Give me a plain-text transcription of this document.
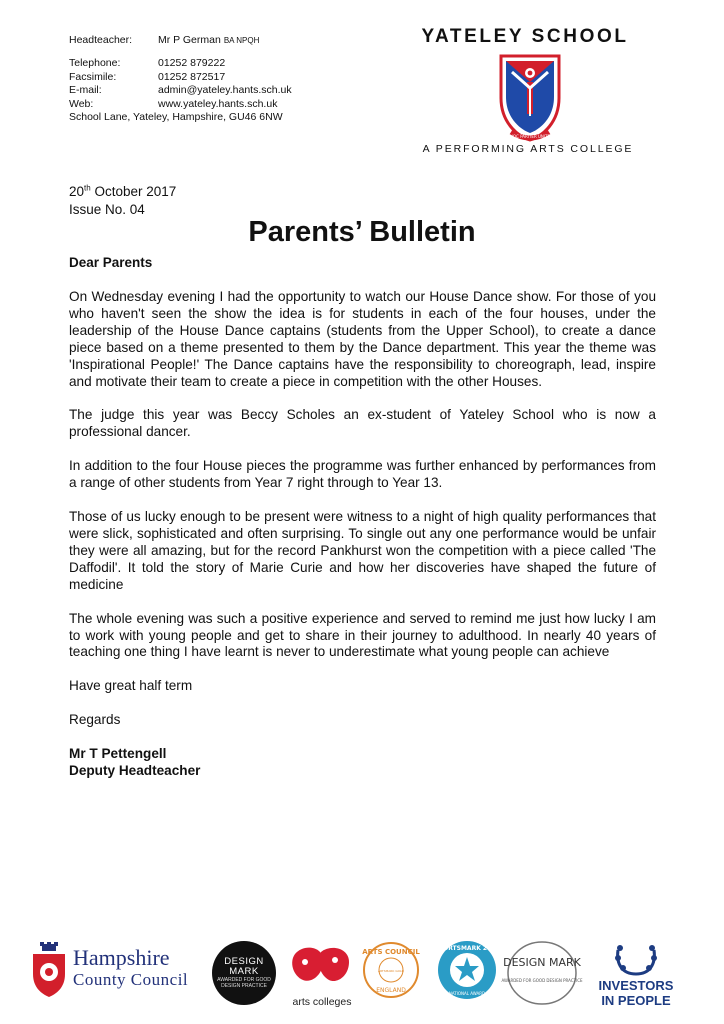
Headteacher:	Mr P German BA NPQH
Telephone:	01252 879222
Facsimile:	01252 872517
E-mail:	admin@yateley.hants.sch.uk
Web:	www.yateley.hants.sch.uk
School Lane, Yateley, Hampshire, GU46 6NW
YATELEY SCHOOL
HOC PARITER UNITE
A PERFORMING ARTS COLLEGE
20th October 2017
Issue No. 04
Parents’ Bulletin
Dear Parents

On Wednesday evening I had the opportunity to watch our House Dance show. For those of you who haven't seen the show the idea is for students in each of the four houses, under the leadership of the House Dance captains (students from the Upper School), to create a dance piece based on a theme presented to them by the Dance department. This year the theme was 'Inspirational People!' The Dance captains have the responsibility to choreograph, lead, inspire and motivate their team to create a piece in competition with the other Houses.

The judge this year was Beccy Scholes an ex-student of Yateley School who is now a professional dancer.

In addition to the four House pieces the programme was further enhanced by performances from a range of other students from Year 7 right through to Year 13.

Those of us lucky enough to be present were witness to a night of high quality performances that were slick, sophisticated and often surprising. To single out any one performance would be unfair they were all amazing, but for the record Pankhurst won the competition with a piece called 'The Daffodil'. It told the story of Marie Curie and how her discoveries have shaped the future of medicine

The whole evening was such a positive experience and served to remind me just how lucky I am to work with young people and get to share in their journey to adulthood. In nearly 40 years of teaching one thing I have learnt is never to underestimate what young people can achieve

Have great half term

Regards

Mr T Pettengell
Deputy Headteacher
Hampshire
County Council
DESIGN MARK
AWARDED FOR GOOD DESIGN PRACTICE
arts colleges
ARTS COUNCIL
ARTSMARK GOLD
ENGLAND
SPORTSMARK 2008
NATIONAL AWARD
DESIGN MARK
AWARDED FOR GOOD DESIGN PRACTICE INVESTORS
IN PEOPLE
